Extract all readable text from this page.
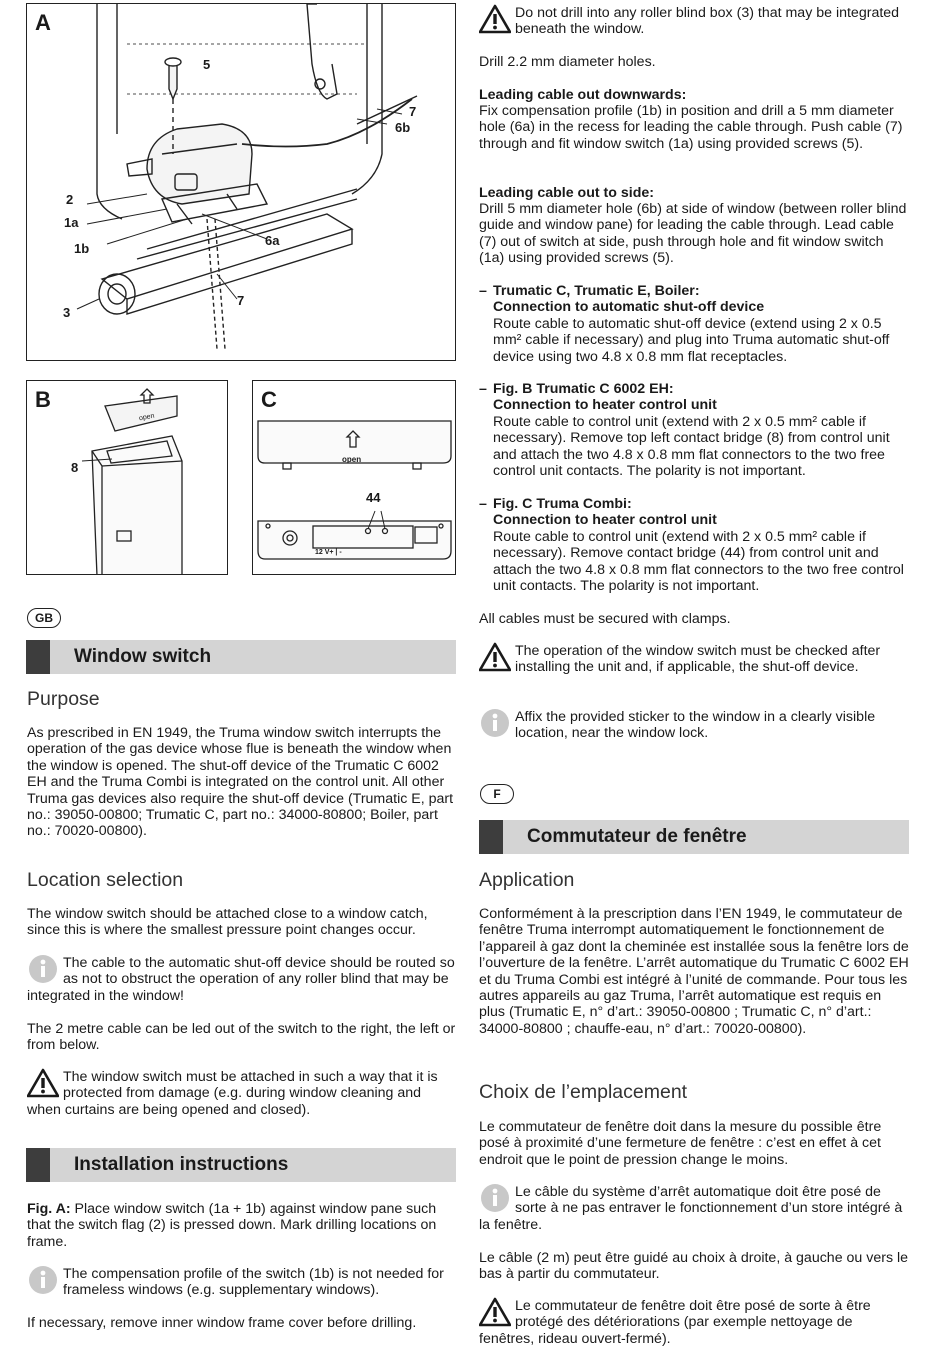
A
5
7
6b
2
1a
1b
6a
3
7
B
open
8
C
open
44
12 V+ | -
GB
Window switch
Purpose

As prescribed in EN 1949, the Truma window switch interrupts the operation of the gas device whose flue is beneath the window when the window is opened. The shut-off device of the Trumatic C 6002 EH and the Truma Combi is integrated on the control unit. All other Truma gas devices also require the shut-off device (Trumatic E, part no.: 39050-00800; Trumatic C, part no.: 34000-80800; Boiler, part no.: 70020-00800).

Location selection

The window switch should be attached close to a window catch, since this is where the smallest pressure point changes occur.

The cable to the automatic shut-off device should be routed so as not to obstruct the operation of any roller blind that may be integrated in the window!

The 2 metre cable can be led out of the switch to the right, the left or from below.

The window switch must be attached in such a way that it is protected from damage (e.g. during window cleaning and when curtains are being opened and closed).
Installation instructions

Fig. A: Place window switch (1a + 1b) against window pane such that the switch flag (2) is pressed down. Mark drilling locations on frame.

The compensation profile of the switch (1b) is not needed for frameless windows (e.g. supplementary windows).

If necessary, remove inner window frame cover before drilling.

Do not drill into any roller blind box (3) that may be integrated beneath the window.

Drill 2.2 mm diameter holes.

Leading cable out downwards:

Fix compensation profile (1b) in position and drill a 5 mm diameter hole (6a) in the recess for leading the cable through. Push cable (7) through and fit window switch (1a) using provided screws (5).

Leading cable out to side:

Drill 5 mm diameter hole (6b) at side of window (between roller blind guide and window pane) for leading the cable through. Lead cable (7) out of switch at side, push through hole and fit window switch (1a) using provided screws (5).

– Trumatic C, Trumatic E, Boiler:
Connection to automatic shut-off device
Route cable to automatic shut-off device (extend using 2 x 0.5 mm² cable if necessary) and plug into Truma automatic shut-off device using two 4.8 x 0.8 mm flat receptacles.
– Fig. B Trumatic C 6002 EH:
Connection to heater control unit
Route cable to control unit (extend with 2 x 0.5 mm² cable if necessary). Remove top left contact bridge (8) from control unit and attach the two 4.8 x 0.8 mm flat connectors to the two free control unit contacts. The polarity is not important.
– Fig. C Truma Combi:
Connection to heater control unit
Route cable to control unit (extend with 2 x 0.5 mm² cable if necessary). Remove contact bridge (44) from control unit and attach the two 4.8 x 0.8 mm flat connectors to the two free control unit contacts. The polarity is not important.

All cables must be secured with clamps.

The operation of the window switch must be checked after installing the unit and, if applicable, the shut-off device.
Affix the provided sticker to the window in a clearly visible location, near the window lock.
F
Commutateur de fenêtre
Application

Conformément à la prescription dans l’EN 1949, le commutateur de fenêtre Truma interrompt automatiquement le fonctionnement de l’appareil à gaz dont la cheminée est installée sous la fenêtre lors de l’ouverture de la fenêtre. L’arrêt automatique du Trumatic C 6002 EH et du Truma Combi est intégré à l’unité de commande. Pour tous les autres appareils au gaz Truma, l’arrêt automatique est requis en plus (Trumatic E, n° d’art.: 39050-00800 ; Trumatic C, n° d’art.: 34000-80800 ; chauffe-eau, n° d’art.: 70020-00800).

Choix de l’emplacement

Le commutateur de fenêtre doit dans la mesure du possible être posé à proximité d’une fermeture de fenêtre : c’est en effet à cet endroit que le point de pression change le moins.

Le câble du système d’arrêt automatique doit être posé de sorte à ne pas entraver le fonctionnement d’un store intégré à la fenêtre.

Le câble (2 m) peut être guidé au choix à droite, à gauche ou vers le bas à partir du commutateur.

Le commutateur de fenêtre doit être posé de sorte à être protégé des détériorations (par exemple nettoyage de fenêtres, rideau ouvert-fermé).
